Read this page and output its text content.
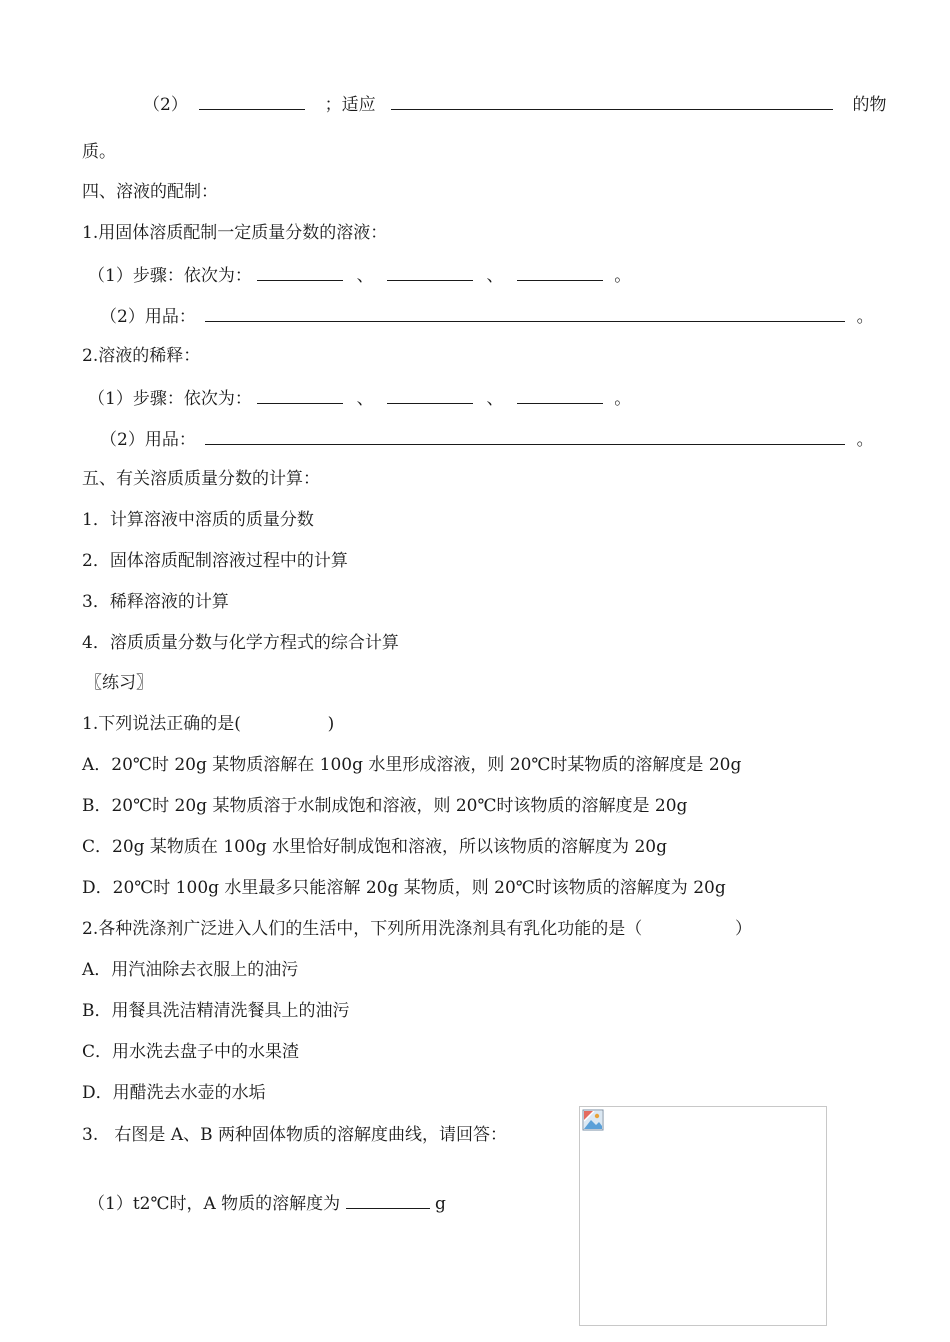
（2）	；适应	的物
质。
四、溶液的配制：
1.用固体溶质配制一定质量分数的溶液：
（1）步骤：依次为：	、	、	。
（2）用品：	。
2.溶液的稀释：
（1）步骤：依次为：	、	、	。
（2）用品：	。
五、有关溶质质量分数的计算：
1．计算溶液中溶质的质量分数
2．固体溶质配制溶液过程中的计算
3．稀释溶液的计算
4．溶质质量分数与化学方程式的综合计算
〖练习〗
1.下列说法正确的是(	)
A．20℃时 20g 某物质溶解在 100g 水里形成溶液，则 20℃时某物质的溶解度是 20g
B．20℃时 20g 某物质溶于水制成饱和溶液，则 20℃时该物质的溶解度是 20g
C．20g 某物质在 100g 水里恰好制成饱和溶液，所以该物质的溶解度为 20g
D．20℃时 100g 水里最多只能溶解 20g 某物质，则 20℃时该物质的溶解度为 20g
2.各种洗涤剂广泛进入人们的生活中，下列所用洗涤剂具有乳化功能的是（	）
A．用汽油除去衣服上的油污
B．用餐具洗洁精清洗餐具上的油污
C．用水洗去盘子中的水果渣
D．用醋洗去水壶的水垢
3.   右图是 A、B 两种固体物质的溶解度曲线，请回答：
（1）t2℃时，A 物质的溶解度为	g
